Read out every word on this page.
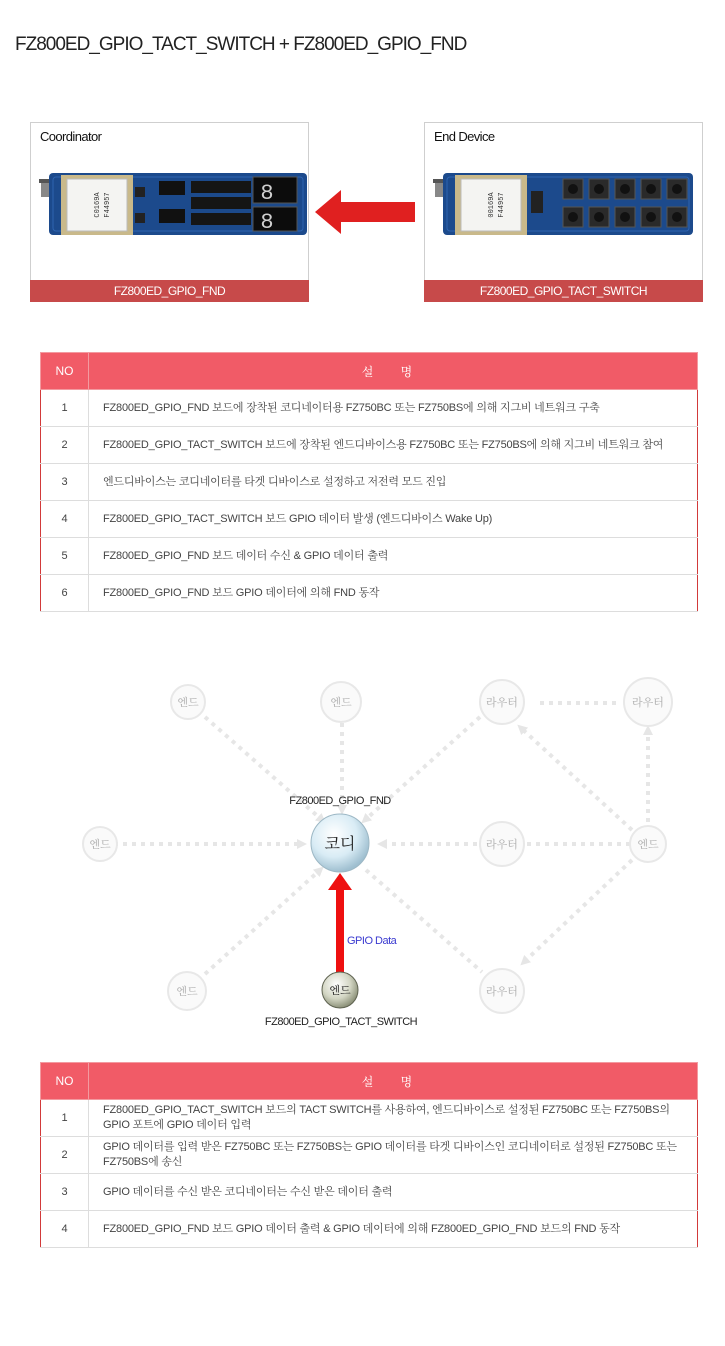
FZ800ED_GPIO_TACT_SWITCH + FZ800ED_GPIO_FND
Coordinator
C0169A F44957	8
8
FZ800ED_GPIO_FND
End Device
00169A F44957
FZ800ED_GPIO_TACT_SWITCH
NO	설 명
1	FZ800ED_GPIO_FND 보드에 장착된 코디네이터용 FZ750BC 또는 FZ750BS에 의해 지그비 네트워크 구축
2	FZ800ED_GPIO_TACT_SWITCH 보드에 장착된 엔드디바이스용 FZ750BC 또는 FZ750BS에 의해 지그비 네트워크 참여
3	엔드디바이스는 코디네이터를 타겟 디바이스로 설정하고 저전력 모드 진입
4	FZ800ED_GPIO_TACT_SWITCH 보드 GPIO 데이터 발생 (엔드디바이스 Wake Up)
5	FZ800ED_GPIO_FND 보드 데이터 수신 & GPIO 데이터 출력
6	FZ800ED_GPIO_FND 보드 GPIO 데이터에 의해 FND 동작
엔드	엔드	라우터	라우터
엔드	라우터	엔드
엔드	라우터
FZ800ED_GPIO_FND
코디
GPIO Data
엔드
FZ800ED_GPIO_TACT_SWITCH
NO	설 명
1	FZ800ED_GPIO_TACT_SWITCH 보드의 TACT SWITCH를 사용하여, 엔드디바이스로 설정된 FZ750BC 또는 FZ750BS의 GPIO 포트에 GPIO 데이터 입력
2	GPIO 데이터를 입력 받은 FZ750BC 또는 FZ750BS는 GPIO 데이터를 타겟 디바이스인 코디네이터로 설정된 FZ750BC 또는 FZ750BS에 송신
3	GPIO 데이터를 수신 받은 코디네이터는 수신 받은 데이터 출력
4	FZ800ED_GPIO_FND 보드 GPIO 데이터 출력 & GPIO 데이터에 의해 FZ800ED_GPIO_FND 보드의 FND 동작
